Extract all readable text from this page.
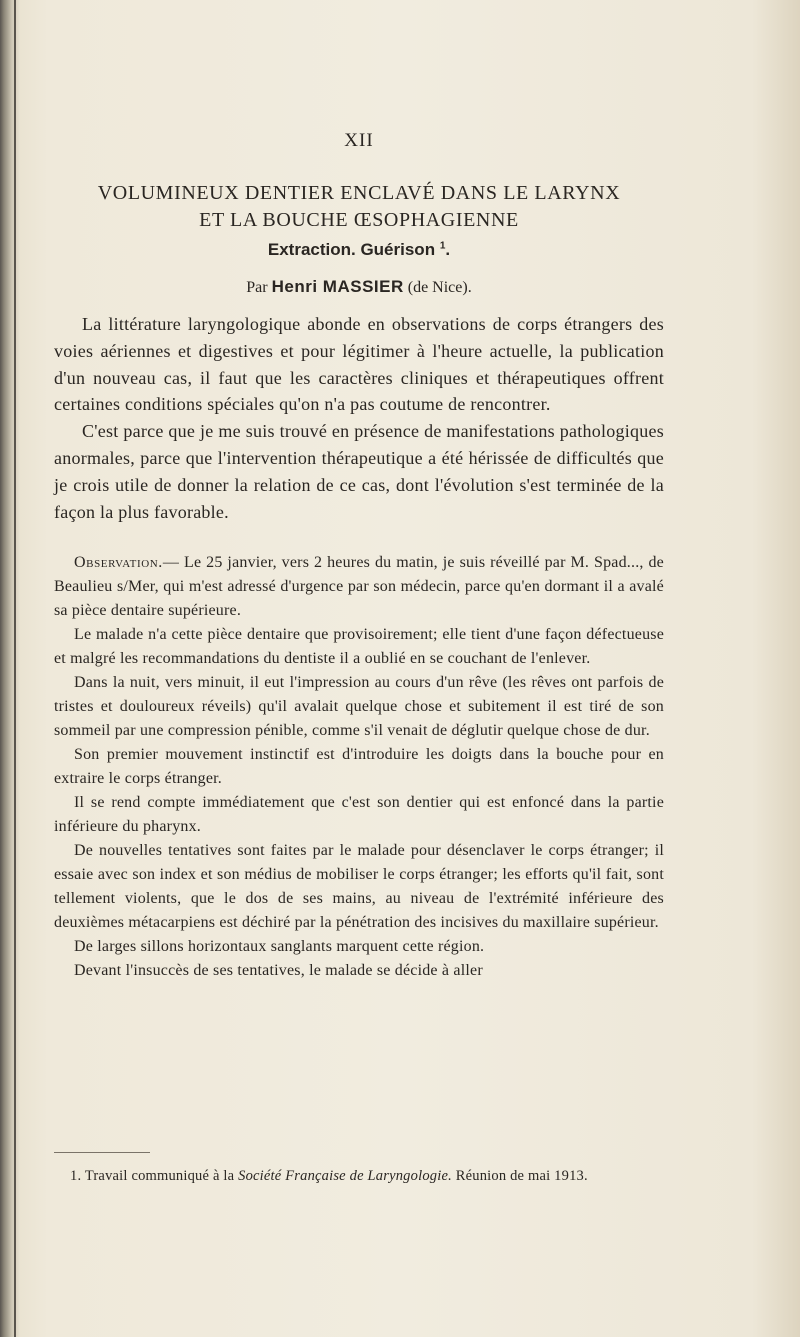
XII

VOLUMINEUX DENTIER ENCLAVÉ DANS LE LARYNX
ET LA BOUCHE ŒSOPHAGIENNE

Extraction. Guérison $^1$.

Par Henri MASSIER (de Nice).

La littérature laryngologique abonde en observations de corps étrangers des voies aériennes et digestives et pour légitimer à l'heure actuelle, la publication d'un nouveau cas, il faut que les caractères cliniques et thérapeutiques offrent certaines conditions spéciales qu'on n'a pas coutume de rencontrer.

C'est parce que je me suis trouvé en présence de manifestations pathologiques anormales, parce que l'intervention thérapeutique a été hérissée de difficultés que je crois utile de donner la relation de ce cas, dont l'évolution s'est terminée de la façon la plus favorable.

Observation.— Le 25 janvier, vers 2 heures du matin, je suis réveillé par M. Spad..., de Beaulieu s/Mer, qui m'est adressé d'urgence par son médecin, parce qu'en dormant il a avalé sa pièce dentaire supérieure.

Le malade n'a cette pièce dentaire que provisoirement; elle tient d'une façon défectueuse et malgré les recommandations du dentiste il a oublié en se couchant de l'enlever.

Dans la nuit, vers minuit, il eut l'impression au cours d'un rêve (les rêves ont parfois de tristes et douloureux réveils) qu'il avalait quelque chose et subitement il est tiré de son sommeil par une compression pénible, comme s'il venait de déglutir quelque chose de dur.

Son premier mouvement instinctif est d'introduire les doigts dans la bouche pour en extraire le corps étranger.

Il se rend compte immédiatement que c'est son dentier qui est enfoncé dans la partie inférieure du pharynx.

De nouvelles tentatives sont faites par le malade pour désenclaver le corps étranger; il essaie avec son index et son médius de mobiliser le corps étranger; les efforts qu'il fait, sont tellement violents, que le dos de ses mains, au niveau de l'extrémité inférieure des deuxièmes métacarpiens est déchiré par la pénétration des incisives du maxillaire supérieur.

De larges sillons horizontaux sanglants marquent cette région.

Devant l'insuccès de ses tentatives, le malade se décide à aller

1. Travail communiqué à la Société Française de Laryngologie. Réunion de mai 1913.
